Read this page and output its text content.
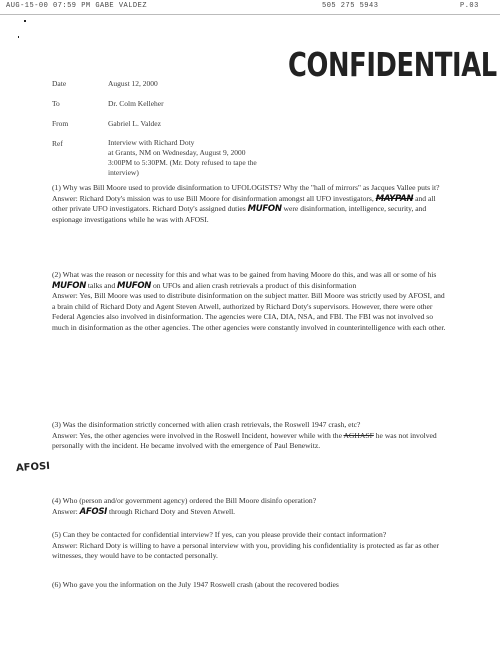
AUG-15-00 07:59 PM GABE VALDEZ	505 275 5943	P.03
CONFIDENTIAL
Date	August 12, 2000
To	Dr. Colm Kelleher
From	Gabriel L. Valdez
Ref	Interview with Richard Doty
at Grants, NM on Wednesday, August 9, 2000
3:00PM to 5:30PM. (Mr. Doty refused to tape the
interview)

(1) Why was Bill Moore used to provide disinformation to UFOLOGISTS? Why the "hall of mirrors" as Jacques Vallee puts it?

Answer: Richard Doty's mission was to use Bill Moore for disinformation amongst all UFO investigators, MAYPAN and all other private UFO investigators. Richard Doty's assigned duties MUFON were disinformation, intelligence, security, and espionage investigations while he was with AFOSI.

(2) What was the reason or necessity for this and what was to be gained from having Moore do this, and was all or some of his MUFON talks and MUFON on UFOs and alien crash retrievals a product of this disinformation

Answer: Yes, Bill Moore was used to distribute disinformation on the subject matter. Bill Moore was strictly used by AFOSI, and a brain child of Richard Doty and Agent Steven Atwell, authorized by Richard Doty's supervisors. However, there were other Federal Agencies also involved in disinformation. The agencies were CIA, DIA, NSA, and FBI. The FBI was not involved so much in disinformation as the other agencies. The other agencies were constantly involved in counterintelligence with each other.

(3) Was the disinformation strictly concerned with alien crash retrievals, the Roswell 1947 crash, etc?

Answer: Yes, the other agencies were involved in the Roswell Incident, however while with the AGHASF he was not involved personally with the incident. He became involved with the emergence of Paul Benewitz.

AFOSI

(4) Who (person and/or government agency) ordered the Bill Moore disinfo operation?

Answer: AFOSI through Richard Doty and Steven Atwell.

(5) Can they be contacted for confidential interview? If yes, can you please provide their contact information?

Answer: Richard Doty is willing to have a personal interview with you, providing his confidentiality is protected as far as other witnesses, they would have to be contacted personally.

(6) Who gave you the information on the July 1947 Roswell crash (about the recovered bodies
